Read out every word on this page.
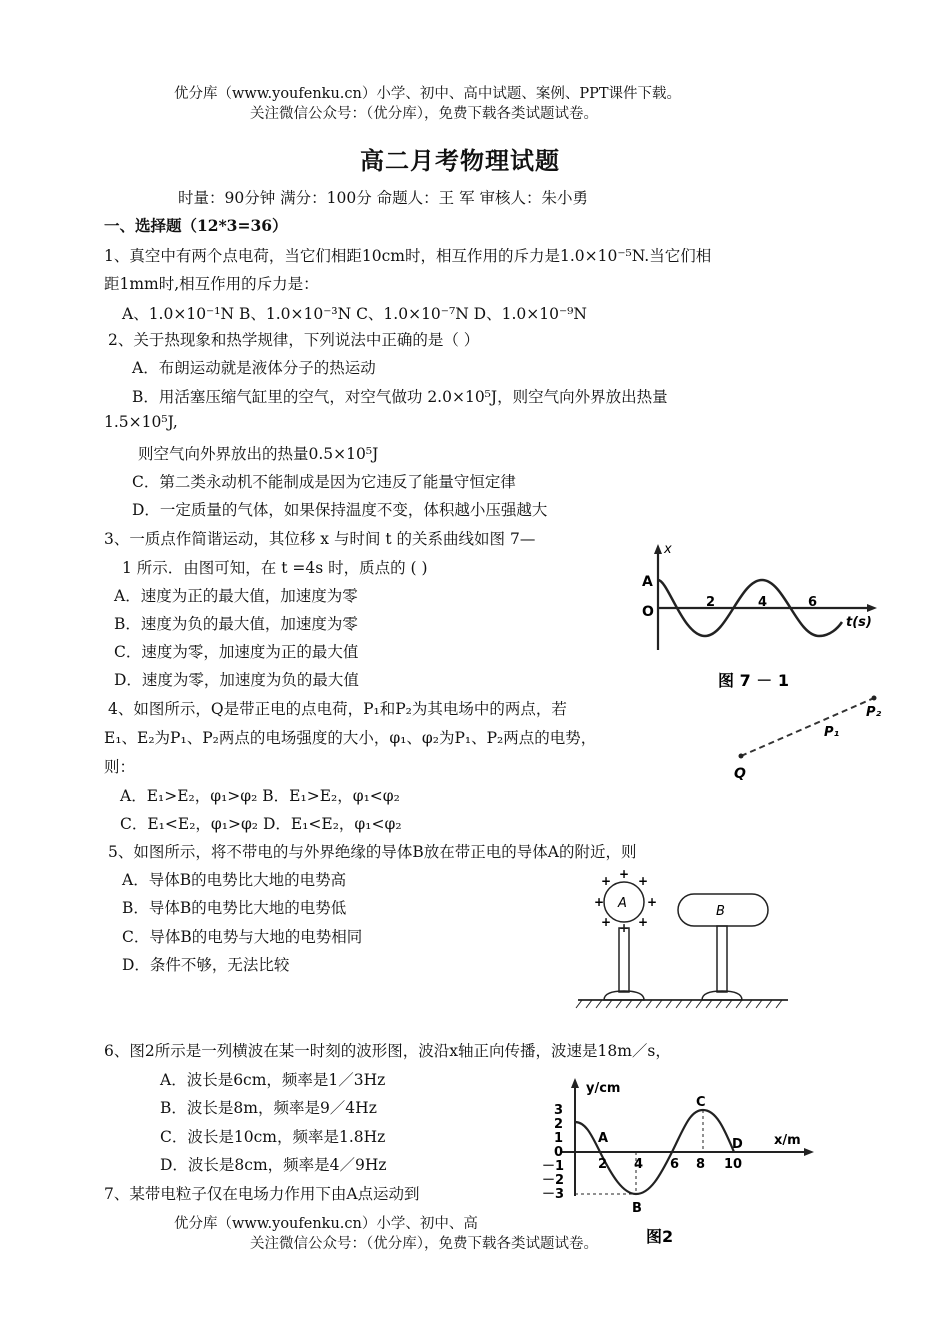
优分库（www.youfenku.cn）小学、初中、高中试题、案例、PPT课件下载。
关注微信公众号：（优分库），免费下载各类试题试卷。
高二月考物理试题
时量：90分钟 满分：100分 命题人：王 军 审核人：朱小勇
一、选择题（12*3=36）
1、真空中有两个点电荷，当它们相距10cm时，相互作用的斥力是1.0×10⁻⁵N.当它们相
距1mm时,相互作用的斥力是：
A、1.0×10⁻¹N B、1.0×10⁻³N C、1.0×10⁻⁷N D、1.0×10⁻⁹N
2、关于热现象和热学规律，下列说法中正确的是（ ）
A．布朗运动就是液体分子的热运动
B．用活塞压缩气缸里的空气，对空气做功 2.0×10⁵J，则空气向外界放出热量
1.5×10⁵J,
则空气向外界放出的热量0.5×10⁵J
C．第二类永动机不能制成是因为它违反了能量守恒定律
D．一定质量的气体，如果保持温度不变，体积越小压强越大
3、一质点作简谐运动，其位移 x 与时间 t 的关系曲线如图 7—
1 所示．由图可知，在 t =4s 时，质点的 ( )
A．速度为正的最大值，加速度为零
B．速度为负的最大值，加速度为零
C．速度为零，加速度为正的最大值
D．速度为零，加速度为负的最大值
x
A
O
2	4	6
t(s)
图 7 － 1
4、如图所示，Q是带正电的点电荷，P₁和P₂为其电场中的两点，若
E₁、E₂为P₁、P₂两点的电场强度的大小，φ₁、φ₂为P₁、P₂两点的电势，
则：
A．E₁>E₂，φ₁>φ₂ B．E₁>E₂，φ₁<φ₂
C．E₁<E₂，φ₁>φ₂ D．E₁<E₂，φ₁<φ₂
Q
P₁
P₂
5、如图所示，将不带电的与外界绝缘的导体B放在带正电的导体A的附近，则
A．导体B的电势比大地的电势高
B．导体B的电势比大地的电势低
C．导体B的电势与大地的电势相同
D．条件不够，无法比较
A
+
+ +
+	+
+ +
+
B
6、图2所示是一列横波在某一时刻的波形图，波沿x轴正向传播，波速是18m／s，
A．波长是6cm，频率是1／3Hz
B．波长是8m，频率是9／4Hz
C．波长是10cm，频率是1.8Hz
D．波长是8cm，频率是4／9Hz
7、某带电粒子仅在电场力作用下由A点运动到
y/cm
x/m
3
2
1
0
－1
－2
－3
2 4 6 8 10
A
B
C
D
图2
优分库（www.youfenku.cn）小学、初中、高
关注微信公众号：（优分库），免费下载各类试题试卷。
